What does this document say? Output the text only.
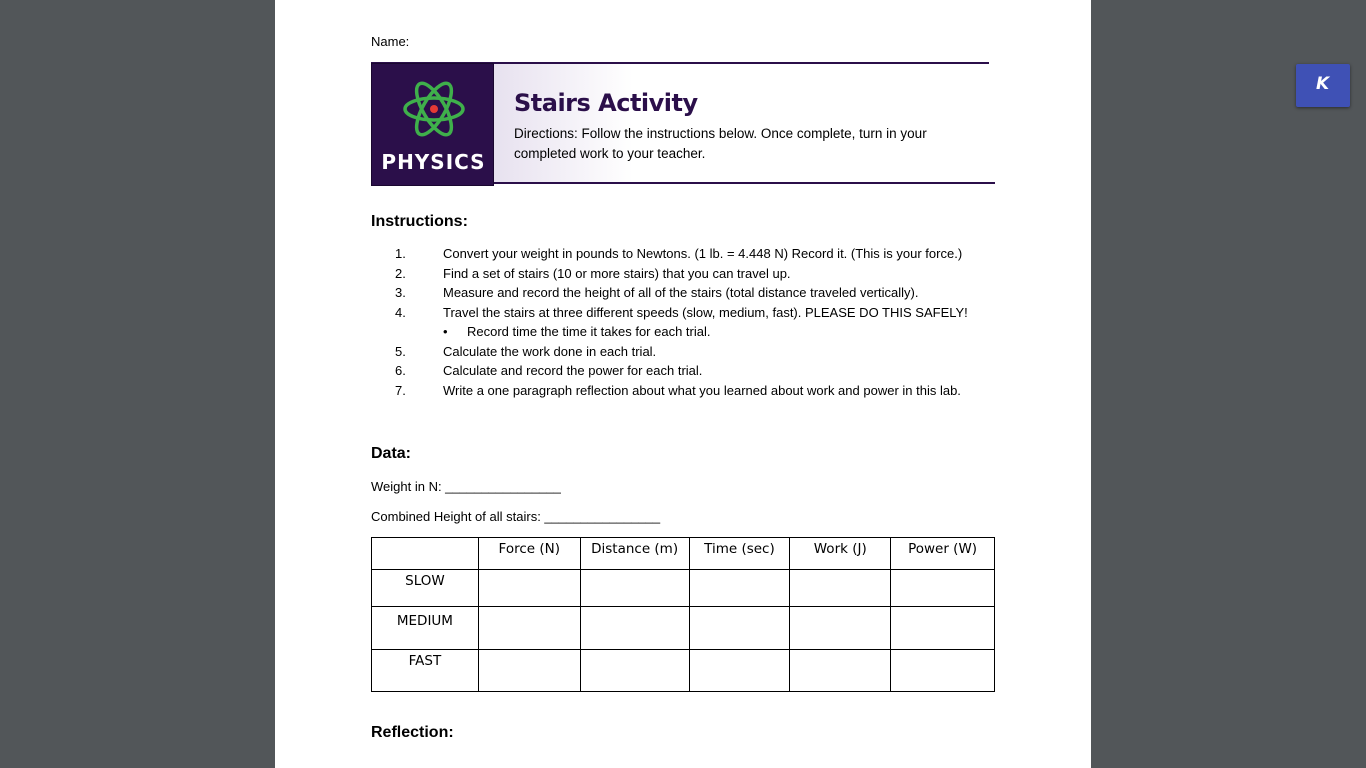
Name:
PHYSICS
Stairs Activity
Directions: Follow the instructions below. Once complete, turn in your completed work to your teacher.
Instructions:
1.	Convert your weight in pounds to Newtons. (1 lb. = 4.448 N) Record it. (This is your force.)
2.	Find a set of stairs (10 or more stairs) that you can travel up.
3.	Measure and record the height of all of the stairs (total distance traveled vertically).
4.	Travel the stairs at three different speeds (slow, medium, fast). PLEASE DO THIS SAFELY!
• Record time the time it takes for each trial.
5.	Calculate the work done in each trial.
6.	Calculate and record the power for each trial.
7.	Write a one paragraph reflection about what you learned about work and power in this lab.
Data:
Weight in N: ________________
Combined Height of all stairs: ________________
	Force (N)	Distance (m)	Time (sec)	Work (J)	Power (W)
SLOW					
MEDIUM					
FAST					
Reflection:
K
